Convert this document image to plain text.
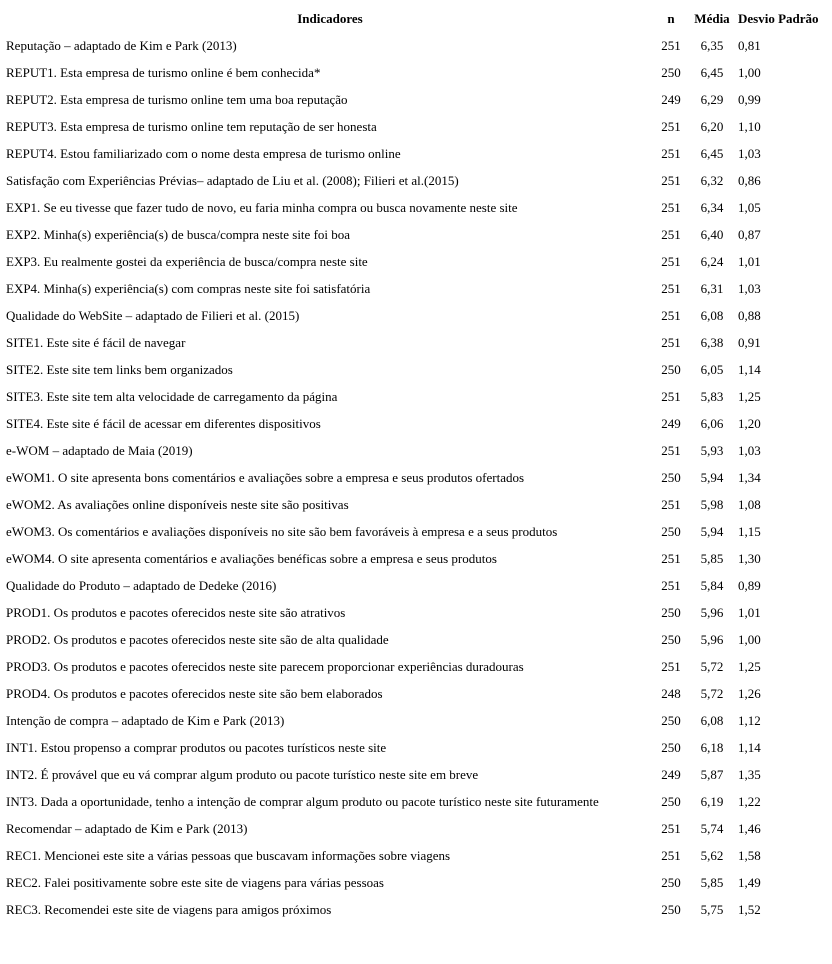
Indicadores	n	Média	Desvio Padrão
Reputação – adaptado de Kim e Park (2013)	251	6,35	0,81
REPUT1. Esta empresa de turismo online é bem conhecida*	250	6,45	1,00
REPUT2. Esta empresa de turismo online tem uma boa reputação	249	6,29	0,99
REPUT3. Esta empresa de turismo online tem reputação de ser honesta	251	6,20	1,10
REPUT4. Estou familiarizado com o nome desta empresa de turismo online	251	6,45	1,03
Satisfação com Experiências Prévias– adaptado de Liu et al. (2008); Filieri et al.(2015)	251	6,32	0,86
EXP1. Se eu tivesse que fazer tudo de novo, eu faria minha compra ou busca novamente neste site	251	6,34	1,05
EXP2. Minha(s) experiência(s) de busca/compra neste site foi boa	251	6,40	0,87
EXP3. Eu realmente gostei da experiência de busca/compra neste site	251	6,24	1,01
EXP4. Minha(s) experiência(s) com compras neste site foi satisfatória	251	6,31	1,03
Qualidade do WebSite – adaptado de Filieri et al. (2015)	251	6,08	0,88
SITE1. Este site é fácil de navegar	251	6,38	0,91
SITE2. Este site tem links bem organizados	250	6,05	1,14
SITE3. Este site tem alta velocidade de carregamento da página	251	5,83	1,25
SITE4. Este site é fácil de acessar em diferentes dispositivos	249	6,06	1,20
e-WOM – adaptado de Maia (2019)	251	5,93	1,03
eWOM1. O site apresenta bons comentários e avaliações sobre a empresa e seus produtos ofertados	250	5,94	1,34
eWOM2. As avaliações online disponíveis neste site são positivas	251	5,98	1,08
eWOM3. Os comentários e avaliações disponíveis no site são bem favoráveis à empresa e a seus produtos	250	5,94	1,15
eWOM4. O site apresenta comentários e avaliações benéficas sobre a empresa e seus produtos	251	5,85	1,30
Qualidade do Produto – adaptado de Dedeke (2016)	251	5,84	0,89
PROD1. Os produtos e pacotes oferecidos neste site são atrativos	250	5,96	1,01
PROD2. Os produtos e pacotes oferecidos neste site são de alta qualidade	250	5,96	1,00
PROD3. Os produtos e pacotes oferecidos neste site parecem proporcionar experiências duradouras	251	5,72	1,25
PROD4. Os produtos e pacotes oferecidos neste site são bem elaborados	248	5,72	1,26
Intenção de compra – adaptado de Kim e Park (2013)	250	6,08	1,12
INT1. Estou propenso a comprar produtos ou pacotes turísticos neste site	250	6,18	1,14
INT2. É provável que eu vá comprar algum produto ou pacote turístico neste site em breve	249	5,87	1,35
INT3. Dada a oportunidade, tenho a intenção de comprar algum produto ou pacote turístico neste site futuramente	250	6,19	1,22
Recomendar – adaptado de Kim e Park (2013)	251	5,74	1,46
REC1. Mencionei este site a várias pessoas que buscavam informações sobre viagens	251	5,62	1,58
REC2. Falei positivamente sobre este site de viagens para várias pessoas	250	5,85	1,49
REC3. Recomendei este site de viagens para amigos próximos	250	5,75	1,52
